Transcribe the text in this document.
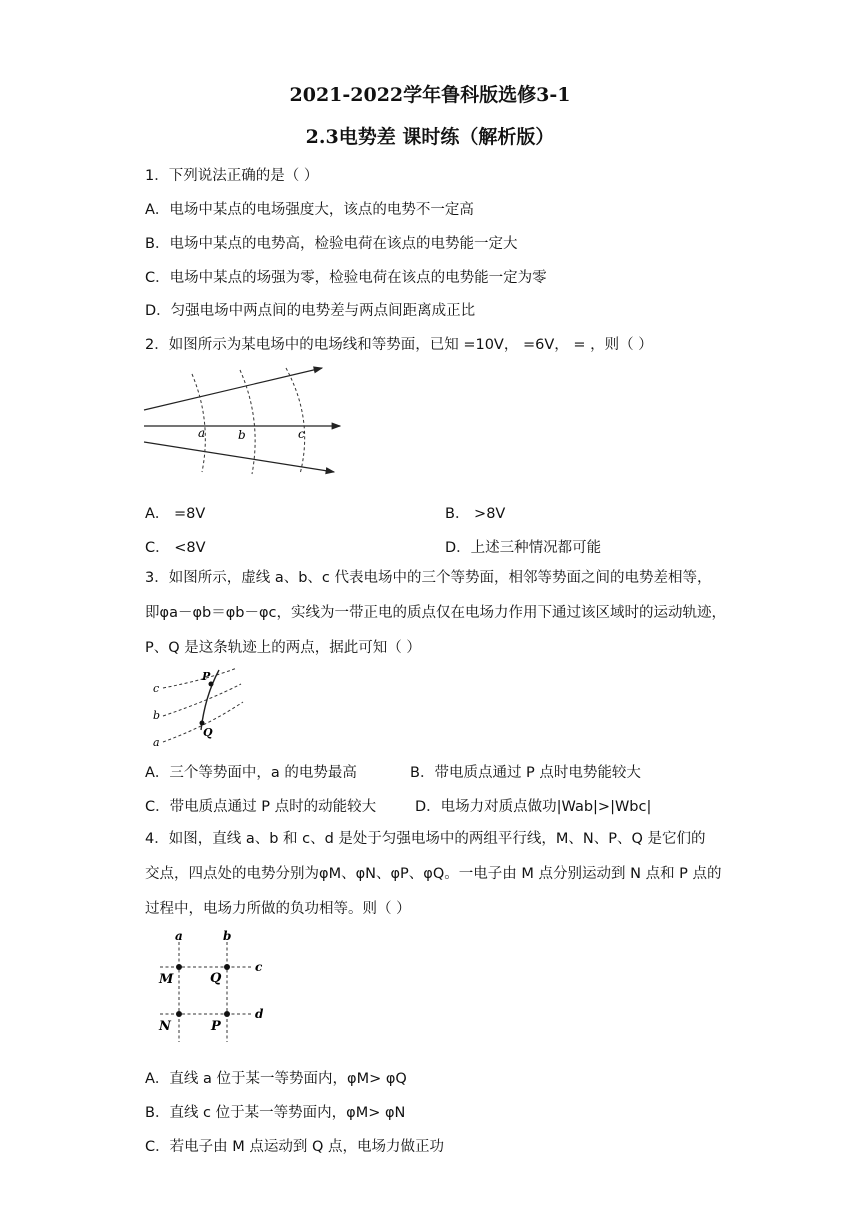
2021-2022学年鲁科版选修3-1
2.3电势差 课时练（解析版）
1．下列说法正确的是（ ）
A．电场中某点的电场强度大，该点的电势不一定高
B．电场中某点的电势高，检验电荷在该点的电势能一定大
C．电场中某点的场强为零，检验电荷在该点的电势能一定为零
D．匀强电场中两点间的电势差与两点间距离成正比
2．如图所示为某电场中的电场线和等势面，已知 =10V， =6V， = ，则（ ）
a	b	c
A． =8V	B． >8V
C． <8V	D．上述三种情况都可能
3．如图所示，虚线 a、b、c 代表电场中的三个等势面，相邻等势面之间的电势差相等，
即φa－φb＝φb－φc，实线为一带正电的质点仅在电场力作用下通过该区域时的运动轨迹，
P、Q 是这条轨迹上的两点，据此可知（ ）
c
b
a
P
Q
A．三个等势面中，a 的电势最高	B．带电质点通过 P 点时电势能较大
C．带电质点通过 P 点时的动能较大	D．电场力对质点做功|Wab|>|Wbc|
4．如图，直线 a、b 和 c、d 是处于匀强电场中的两组平行线，M、N、P、Q 是它们的
交点，四点处的电势分别为φM、φN、φP、φQ。一电子由 M 点分别运动到 N 点和 P 点的
过程中，电场力所做的负功相等。则（ ）
a	b
c
d
M	Q
N	P
A．直线 a 位于某一等势面内，φM> φQ
B．直线 c 位于某一等势面内，φM> φN
C．若电子由 M 点运动到 Q 点，电场力做正功
